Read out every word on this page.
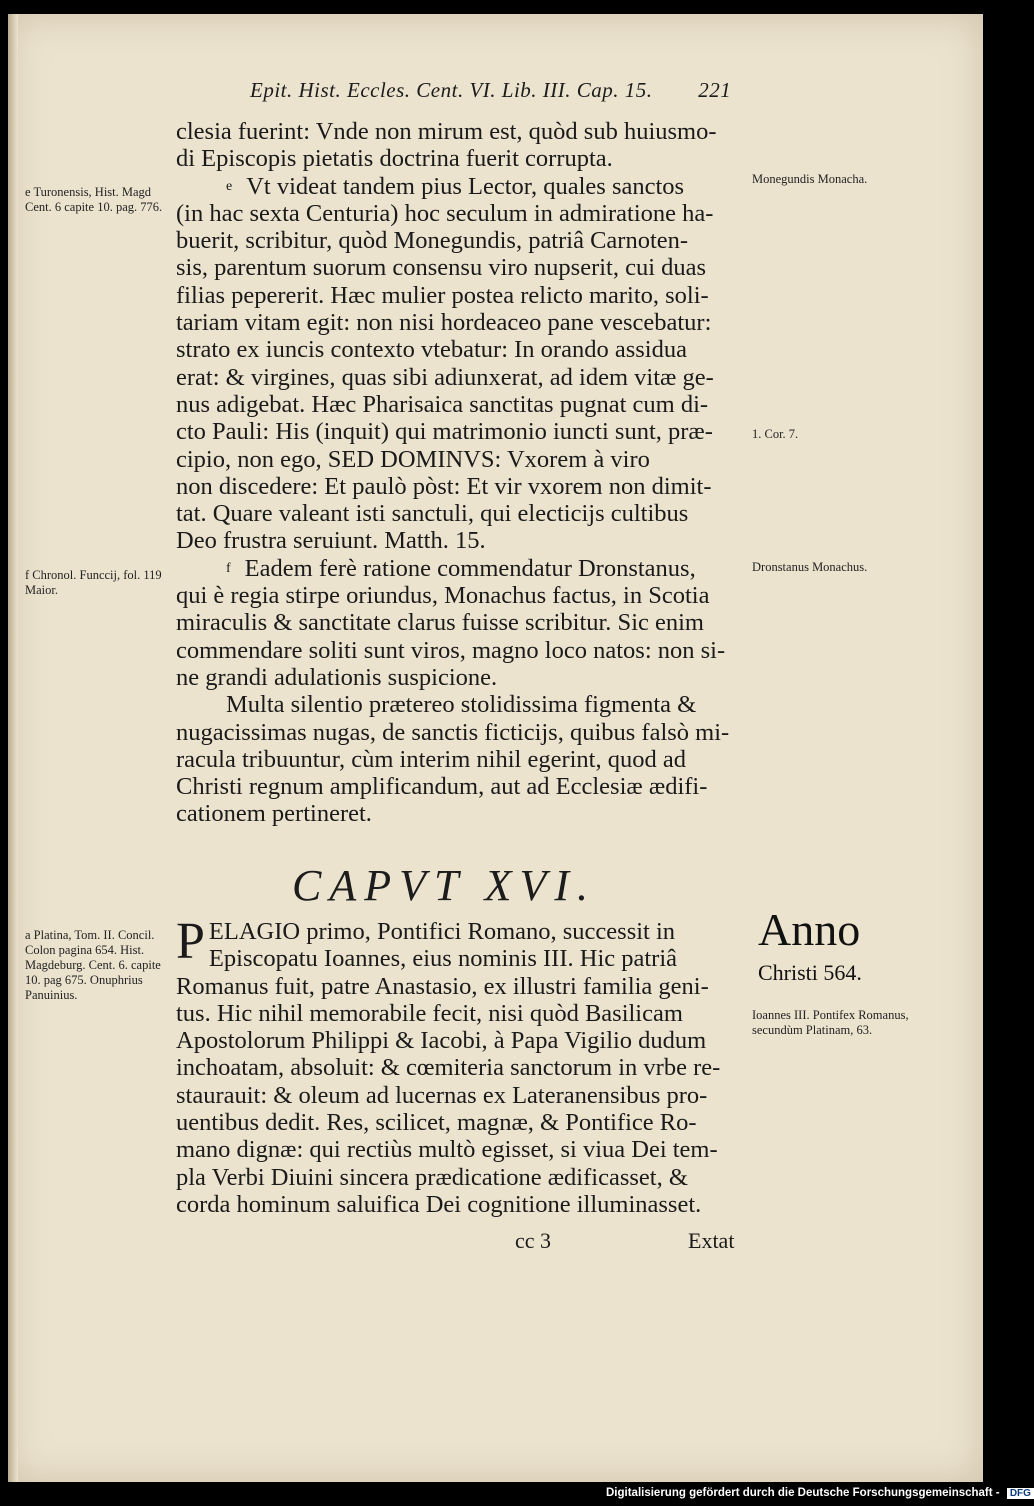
Epit. Hist. Eccles. Cent. VI. Lib. III. Cap. 15. 221
clesia fuerint: Vnde non mirum est, quòd sub huiusmo-
di Episcopis pietatis doctrina fuerit corrupta.
$^e$ Vt videat tandem pius Lector, quales sanctos
(in hac sexta Centuria) hoc seculum in admiratione ha-
buerit, scribitur, quòd Monegundis, patriâ Carnoten-
sis, parentum suorum consensu viro nupserit, cui duas
filias pepererit. Hæc mulier postea relicto marito, soli-
tariam vitam egit: non nisi hordeaceo pane vescebatur:
strato ex iuncis contexto vtebatur: In orando assidua
erat: & virgines, quas sibi adiunxerat, ad idem vitæ ge-
nus adigebat. Hæc Pharisaica sanctitas pugnat cum di-
cto Pauli: His (inquit) qui matrimonio iuncti sunt, præ-
cipio, non ego, SED DOMINVS: Vxorem à viro
non discedere: Et paulò pòst: Et vir vxorem non dimit-
tat. Quare valeant isti sanctuli, qui electicijs cultibus
Deo frustra seruiunt. Matth. 15.
$^f$ Eadem ferè ratione commendatur Dronstanus,
qui è regia stirpe oriundus, Monachus factus, in Scotia
miraculis & sanctitate clarus fuisse scribitur. Sic enim
commendare soliti sunt viros, magno loco natos: non si-
ne grandi adulationis suspicione.
Multa silentio prætereo stolidissima figmenta &
nugacissimas nugas, de sanctis ficticijs, quibus falsò mi-
racula tribuuntur, cùm interim nihil egerint, quod ad
Christi regnum amplificandum, aut ad Ecclesiæ ædifi-
cationem pertineret.
CAPVT XVI.
P ELAGIO primo, Pontifici Romano, successit in
Episcopatu Ioannes, eius nominis III. Hic patriâ
Romanus fuit, patre Anastasio, ex illustri familia geni-
tus. Hic nihil memorabile fecit, nisi quòd Basilicam
Apostolorum Philippi & Iacobi, à Papa Vigilio dudum
inchoatam, absoluit: & cœmiteria sanctorum in vrbe re-
staurauit: & oleum ad lucernas ex Lateranensibus pro-
uentibus dedit. Res, scilicet, magnæ, & Pontifice Ro-
mano dignæ: qui rectiùs multò egisset, si viua Dei tem-
pla Verbi Diuini sincera prædicatione ædificasset, &
corda hominum saluifica Dei cognitione illuminasset.
e Turonensis, Hist. Magd Cent. 6 capite 10. pag. 776.
f Chronol. Funccij, fol. 119 Maior.
a Platina, Tom. II. Concil. Colon pagina 654. Hist. Magdeburg. Cent. 6. capite 10. pag 675. Onuphrius Panuinius.
Monegundis Monacha.
1. Cor. 7.
Dronstanus Monachus.
Anno
Christi 564.
Ioannes III. Pontifex Romanus, secundùm Platinam, 63.
cc 3	Extat
Digitalisierung gefördert durch die Deutsche Forschungsgemeinschaft - DFG
